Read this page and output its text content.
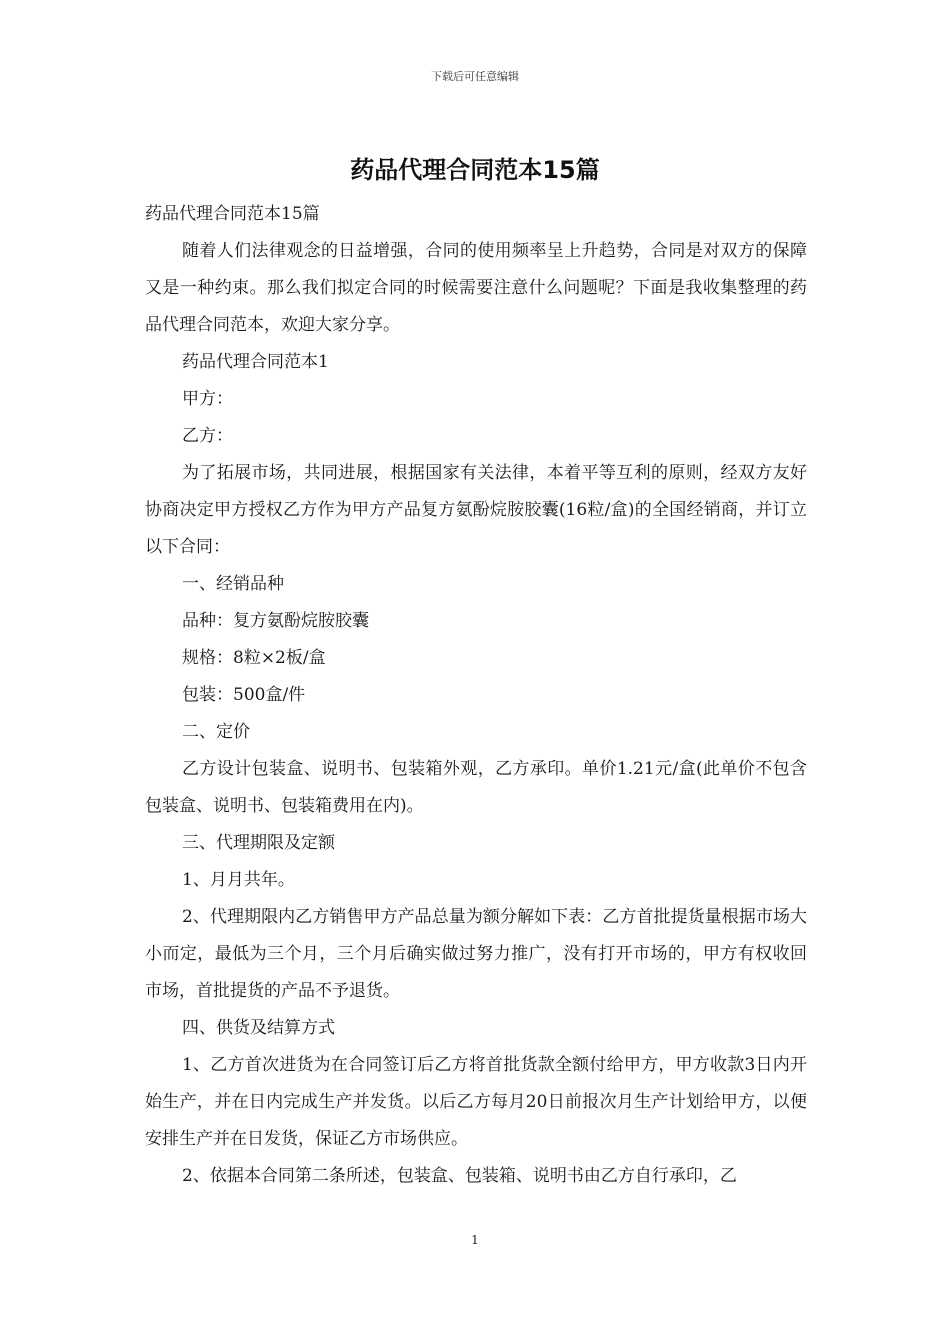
下载后可任意编辑
药品代理合同范本15篇

药品代理合同范本15篇

随着人们法律观念的日益增强，合同的使用频率呈上升趋势，合同是对双方的保障又是一种约束。那么我们拟定合同的时候需要注意什么问题呢？下面是我收集整理的药品代理合同范本，欢迎大家分享。

药品代理合同范本1

甲方：

乙方：

为了拓展市场，共同进展，根据国家有关法律，本着平等互利的原则，经双方友好协商决定甲方授权乙方作为甲方产品复方氨酚烷胺胶囊(16粒/盒)的全国经销商，并订立以下合同：

一、经销品种

品种：复方氨酚烷胺胶囊

规格：8粒×2板/盒

包装：500盒/件

二、定价

乙方设计包装盒、说明书、包装箱外观，乙方承印。单价1.21元/盒(此单价不包含包装盒、说明书、包装箱费用在内)。

三、代理期限及定额

1、月月共年。

2、代理期限内乙方销售甲方产品总量为额分解如下表：乙方首批提货量根据市场大小而定，最低为三个月，三个月后确实做过努力推广，没有打开市场的，甲方有权收回市场，首批提货的产品不予退货。

四、供货及结算方式

1、乙方首次进货为在合同签订后乙方将首批货款全额付给甲方，甲方收款3日内开始生产，并在日内完成生产并发货。以后乙方每月20日前报次月生产计划给甲方，以便安排生产并在日发货，保证乙方市场供应。

2、依据本合同第二条所述，包装盒、包装箱、说明书由乙方自行承印，乙

1
